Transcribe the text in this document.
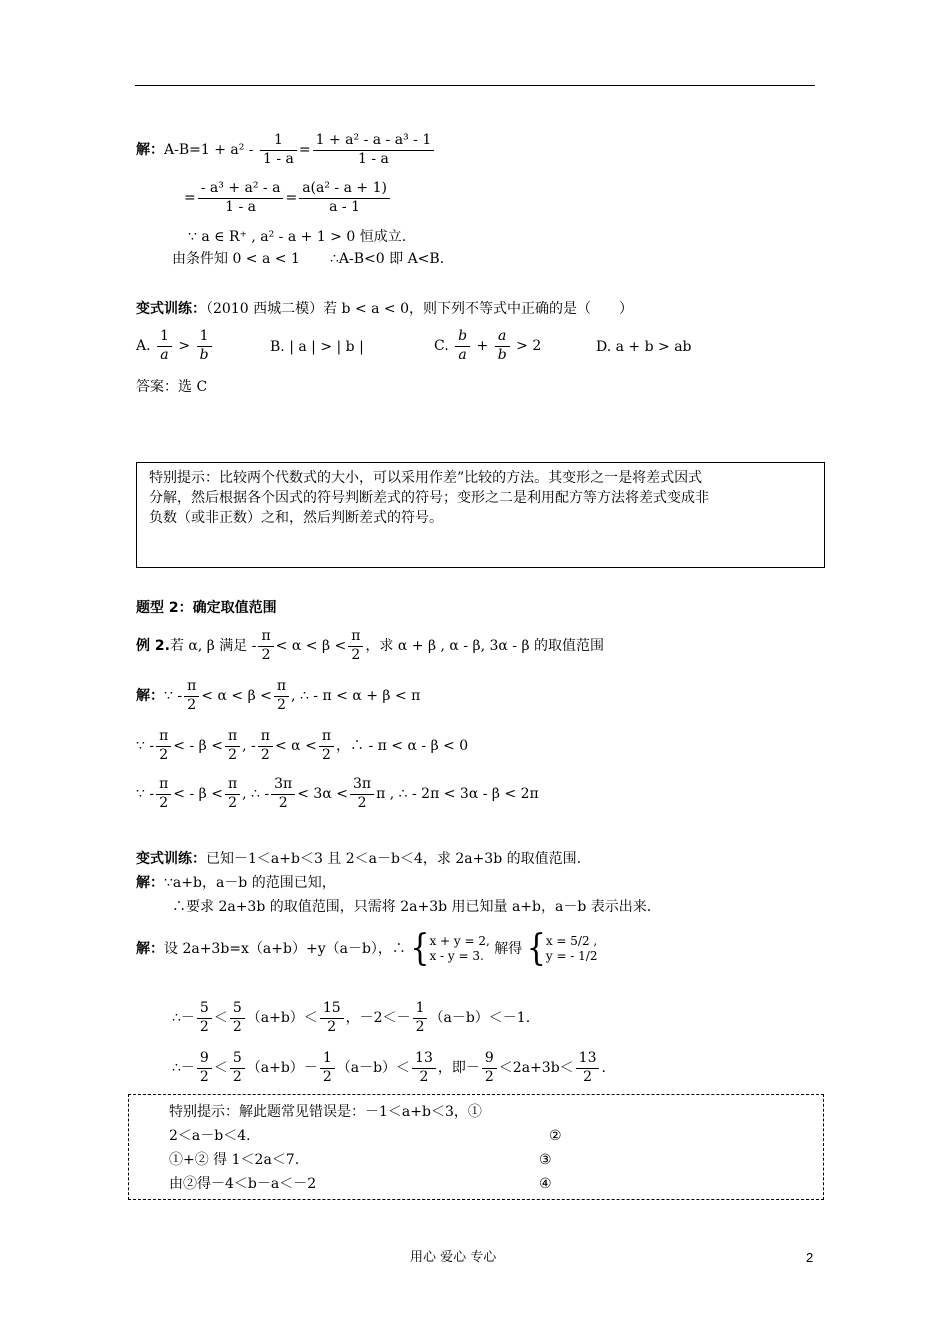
解：$A-B=1 + a^2 - \frac{1}{1 - a} = \frac{\text{1 + a² - a - a³ - 1}}{1 - a}$
= $\frac{\text{- a³ + a² - a}}{1 - a} = \frac{\text{a(a² - a + 1)}}{a - 1}$
∵ a ∈ R⁺ , a² - a + 1 > 0 恒成立.
由条件知 0 < a < 1 ∴A-B<0 即 A<B.
变式训练：（2010 西城二模）若 b < a < 0，则下列不等式中正确的是（　　）
A. $\frac{1}{a} > \frac{1}{b}$	B. | a | > | b |	C. $\frac{b}{a} + \frac{a}{b} > 2$	D. a + b > ab
答案：选 C
特别提示：比较两个代数式的大小，可以采用作差”比较的方法。其变形之一是将差式因式
分解，然后根据各个因式的符号判断差式的符号；变形之二是利用配方等方法将差式变成非
负数（或非正数）之和，然后判断差式的符号。
题型 2：确定取值范围
例 2.若 α, β 满足 - $\frac{\pi}{2} < \alpha < \beta < \frac{\pi}{2}$ ，求 α + β , α - β, 3α - β 的取值范围
解：∵ - $\frac{\pi}{2} < \alpha < \beta < \frac{\pi}{2}$ , ∴ - π < α + β < π
∵ - $\frac{\pi}{2}$ < - $\beta < \frac{\pi}{2}$ , - $\frac{\pi}{2} < \alpha < \frac{\pi}{2}$ ，∴ - π < α - β < 0
∵ - $\frac{\pi}{2}$ < - $\beta < \frac{\pi}{2}$ , ∴ - $\frac{3\pi}{2} < 3\alpha < \frac{3\pi}{2}$ π , ∴ - 2π < 3α - β < 2π
变式训练：已知－1＜a+b＜3 且 2＜a－b＜4，求 2a+3b 的取值范围.
解：∵a+b，a－b 的范围已知，
∴要求 2a+3b 的取值范围，只需将 2a+3b 用已知量 a+b，a－b 表示出来.
解：设 2a+3b=x（a+b）+y（a－b），∴ {x + y = 2,
x - y = 3. 解得 {x = 5/2 ,
y = - 1/2
∴－ $\frac{5}{2} < \frac{5}{2} (a+b)< \frac{15}{2}$ ，$-2<- \frac{1}{2} (a-b)<-1$.
∴－ $\frac{9}{2} < \frac{5}{2} (a+b)- \frac{1}{2} (a-b)< \frac{13}{2}$ ，即－ $\frac{9}{2} <2a+3b< \frac{13}{2}$ .
特别提示：解此题常见错误是：－1＜a+b＜3，①
2＜a－b＜4.	②
①+② 得 1＜2a＜7.	③
由②得－4＜b－a＜－2	④
用心 爱心 专心	2
